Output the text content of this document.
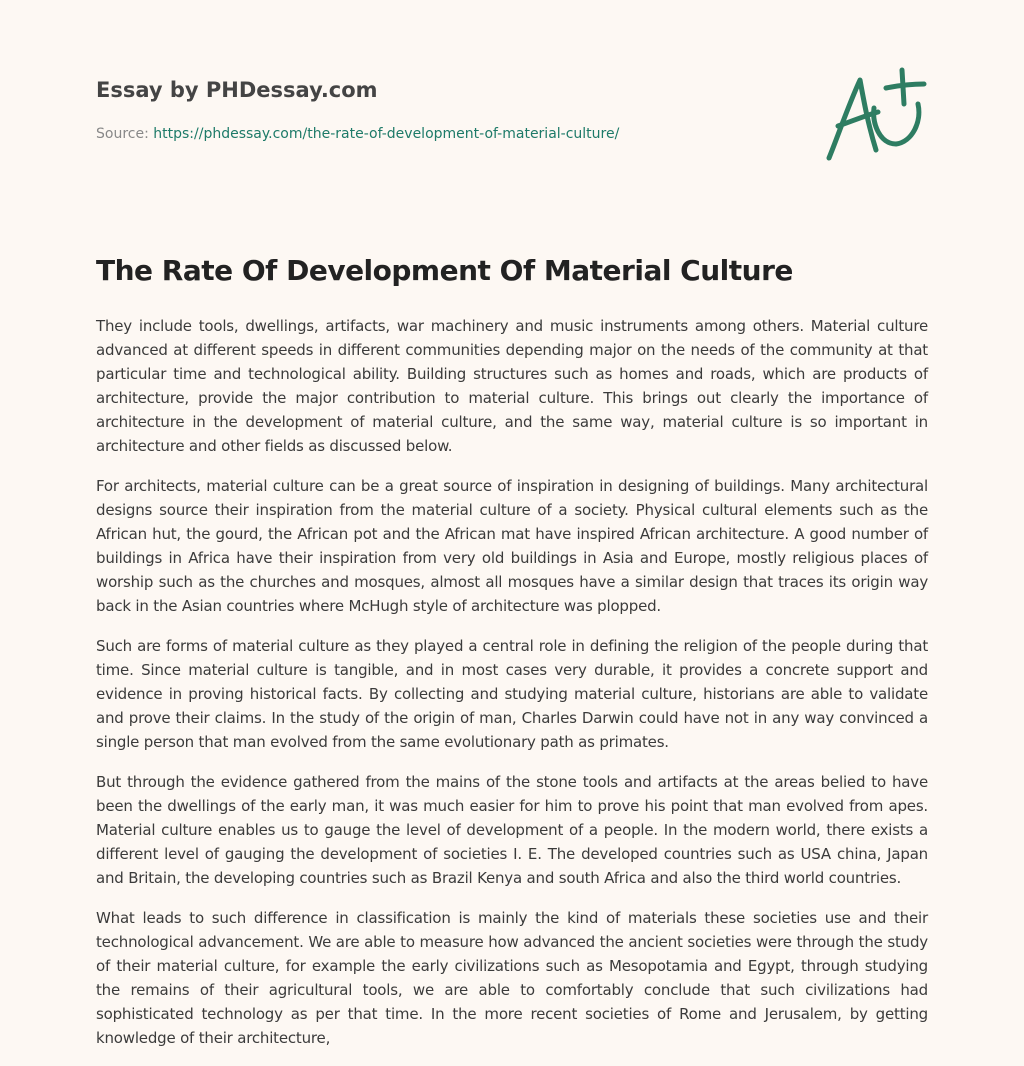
Essay by PHDessay.com
Source: https://phdessay.com/the-rate-of-development-of-material-culture/
The Rate Of Development Of Material Culture

They include tools, dwellings, artifacts, war machinery and music instruments among others. Material culture advanced at different speeds in different communities depending major on the needs of the community at that particular time and technological ability. Building structures such as homes and roads, which are products of architecture, provide the major contribution to material culture. This brings out clearly the importance of architecture in the development of material culture, and the same way, material culture is so important in architecture and other fields as discussed below.

For architects, material culture can be a great source of inspiration in designing of buildings. Many architectural designs source their inspiration from the material culture of a society. Physical cultural elements such as the African hut, the gourd, the African pot and the African mat have inspired African architecture. A good number of buildings in Africa have their inspiration from very old buildings in Asia and Europe, mostly religious places of worship such as the churches and mosques, almost all mosques have a similar design that traces its origin way back in the Asian countries where McHugh style of architecture was plopped.

Such are forms of material culture as they played a central role in defining the religion of the people during that time. Since material culture is tangible, and in most cases very durable, it provides a concrete support and evidence in proving historical facts. By collecting and studying material culture, historians are able to validate and prove their claims. In the study of the origin of man, Charles Darwin could have not in any way convinced a single person that man evolved from the same evolutionary path as primates.

But through the evidence gathered from the mains of the stone tools and artifacts at the areas belied to have been the dwellings of the early man, it was much easier for him to prove his point that man evolved from apes. Material culture enables us to gauge the level of development of a people. In the modern world, there exists a different level of gauging the development of societies I. E. The developed countries such as USA china, Japan and Britain, the developing countries such as Brazil Kenya and south Africa and also the third world countries.

What leads to such difference in classification is mainly the kind of materials these societies use and their technological advancement. We are able to measure how advanced the ancient societies were through the study of their material culture, for example the early civilizations such as Mesopotamia and Egypt, through studying the remains of their agricultural tools, we are able to comfortably conclude that such civilizations had sophisticated technology as per that time. In the more recent societies of Rome and Jerusalem, by getting knowledge of their architecture,
